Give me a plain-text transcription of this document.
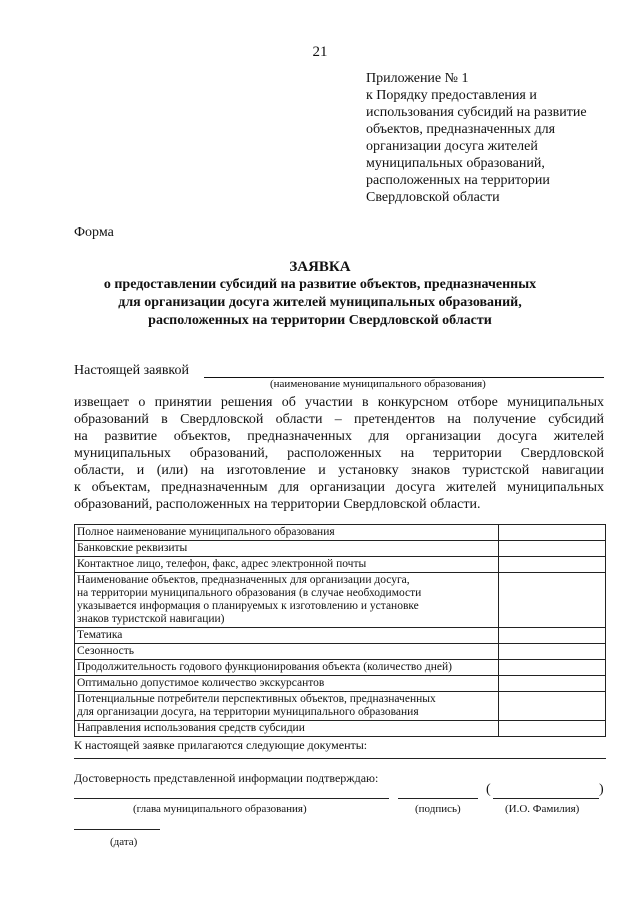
21
Приложение № 1
к Порядку предоставления и
использования субсидий на развитие
объектов, предназначенных для
организации досуга жителей
муниципальных образований,
расположенных на территории
Свердловской области
Форма
ЗАЯВКА
о предоставлении субсидий на развитие объектов, предназначенных
для организации досуга жителей муниципальных образований,
расположенных на территории Свердловской области
Настоящей заявкой
(наименование муниципального образования)
извещает о принятии решения об участии в конкурсном отборе муниципальных
образований в Свердловской области – претендентов на получение субсидий
на развитие объектов, предназначенных для организации досуга жителей
муниципальных образований, расположенных на территории Свердловской
области, и (или) на изготовление и установку знаков туристской навигации
к объектам, предназначенным для организации досуга жителей муниципальных
образований, расположенных на территории Свердловской области.
Полное наименование муниципального образования	

Банковские реквизиты	

Контактное лицо, телефон, факс, адрес электронной почты	

Наименование объектов, предназначенных для организации досуга,
на территории муниципального образования (в случае необходимости
указывается информация о планируемых к изготовлению и установке
знаков туристской навигации)	

Тематика	

Сезонность	

Продолжительность годового функционирования объекта (количество дней)	

Оптимально допустимое количество экскурсантов	

Потенциальные потребители перспективных объектов, предназначенных
для организации досуга, на территории муниципального образования	

Направления использования средств субсидии	

К настоящей заявке прилагаются следующие документы:
Достоверность представленной информации подтверждаю:
(	)
(глава муниципального образования)	(подпись)	(И.О. Фамилия)
(дата)
